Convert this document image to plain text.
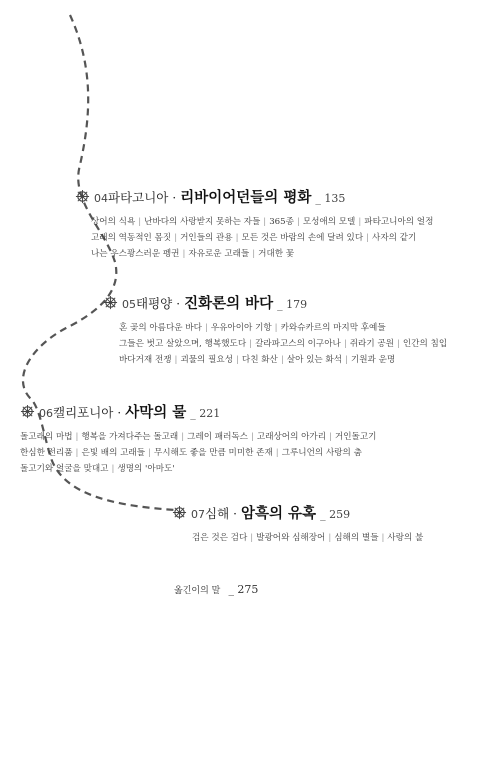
04 파타고니아 · 리바이어던들의 평화 _ 135
상어의 식욕 | 난바다의 사랑받지 못하는 자들 | 365종 | 모성애의 모델 | 파타고니아의 얼정
고래의 역동적인 몸짓 | 거인들의 관용 | 모든 것은 바람의 손에 달려 있다 | 사자의 같기
나는 우스꽝스러운 펭귄 | 자유로운 고래들 | 거대한 꽃
05 태평양 · 진화론의 바다 _ 179
혼 곶의 아름다운 바다 | 우유아이아 기항 | 카와슈카르의 마지막 후예들
그들은 벗고 살았으며, 행복했도다 | 갈라파고스의 이구아나 | 쥐라기 공원 | 인간의 침입
바다거재 전쟁 | 괴물의 필요성 | 다친 화산 | 살아 있는 화석 | 기원과 운명
06 캘리포니아 · 사막의 물 _ 221
돌고래의 마법 | 행복을 가져다주는 돌고래 | 그레이 패러독스 | 고래상어의 아가리 | 거인돌고기
한심한 전리품 | 은빛 배의 고래들 | 무시해도 좋을 만큼 미미한 존재 | 그루니언의 사랑의 춤
돌고기와 얼굴을 맞대고 | 생명의 '아마도'
07 심해 · 암흑의 유혹 _ 259
검은 것은 검다 | 발광어와 심해장어 | 심해의 별들 | 사랑의 불
옮긴이의 말 _ 275
